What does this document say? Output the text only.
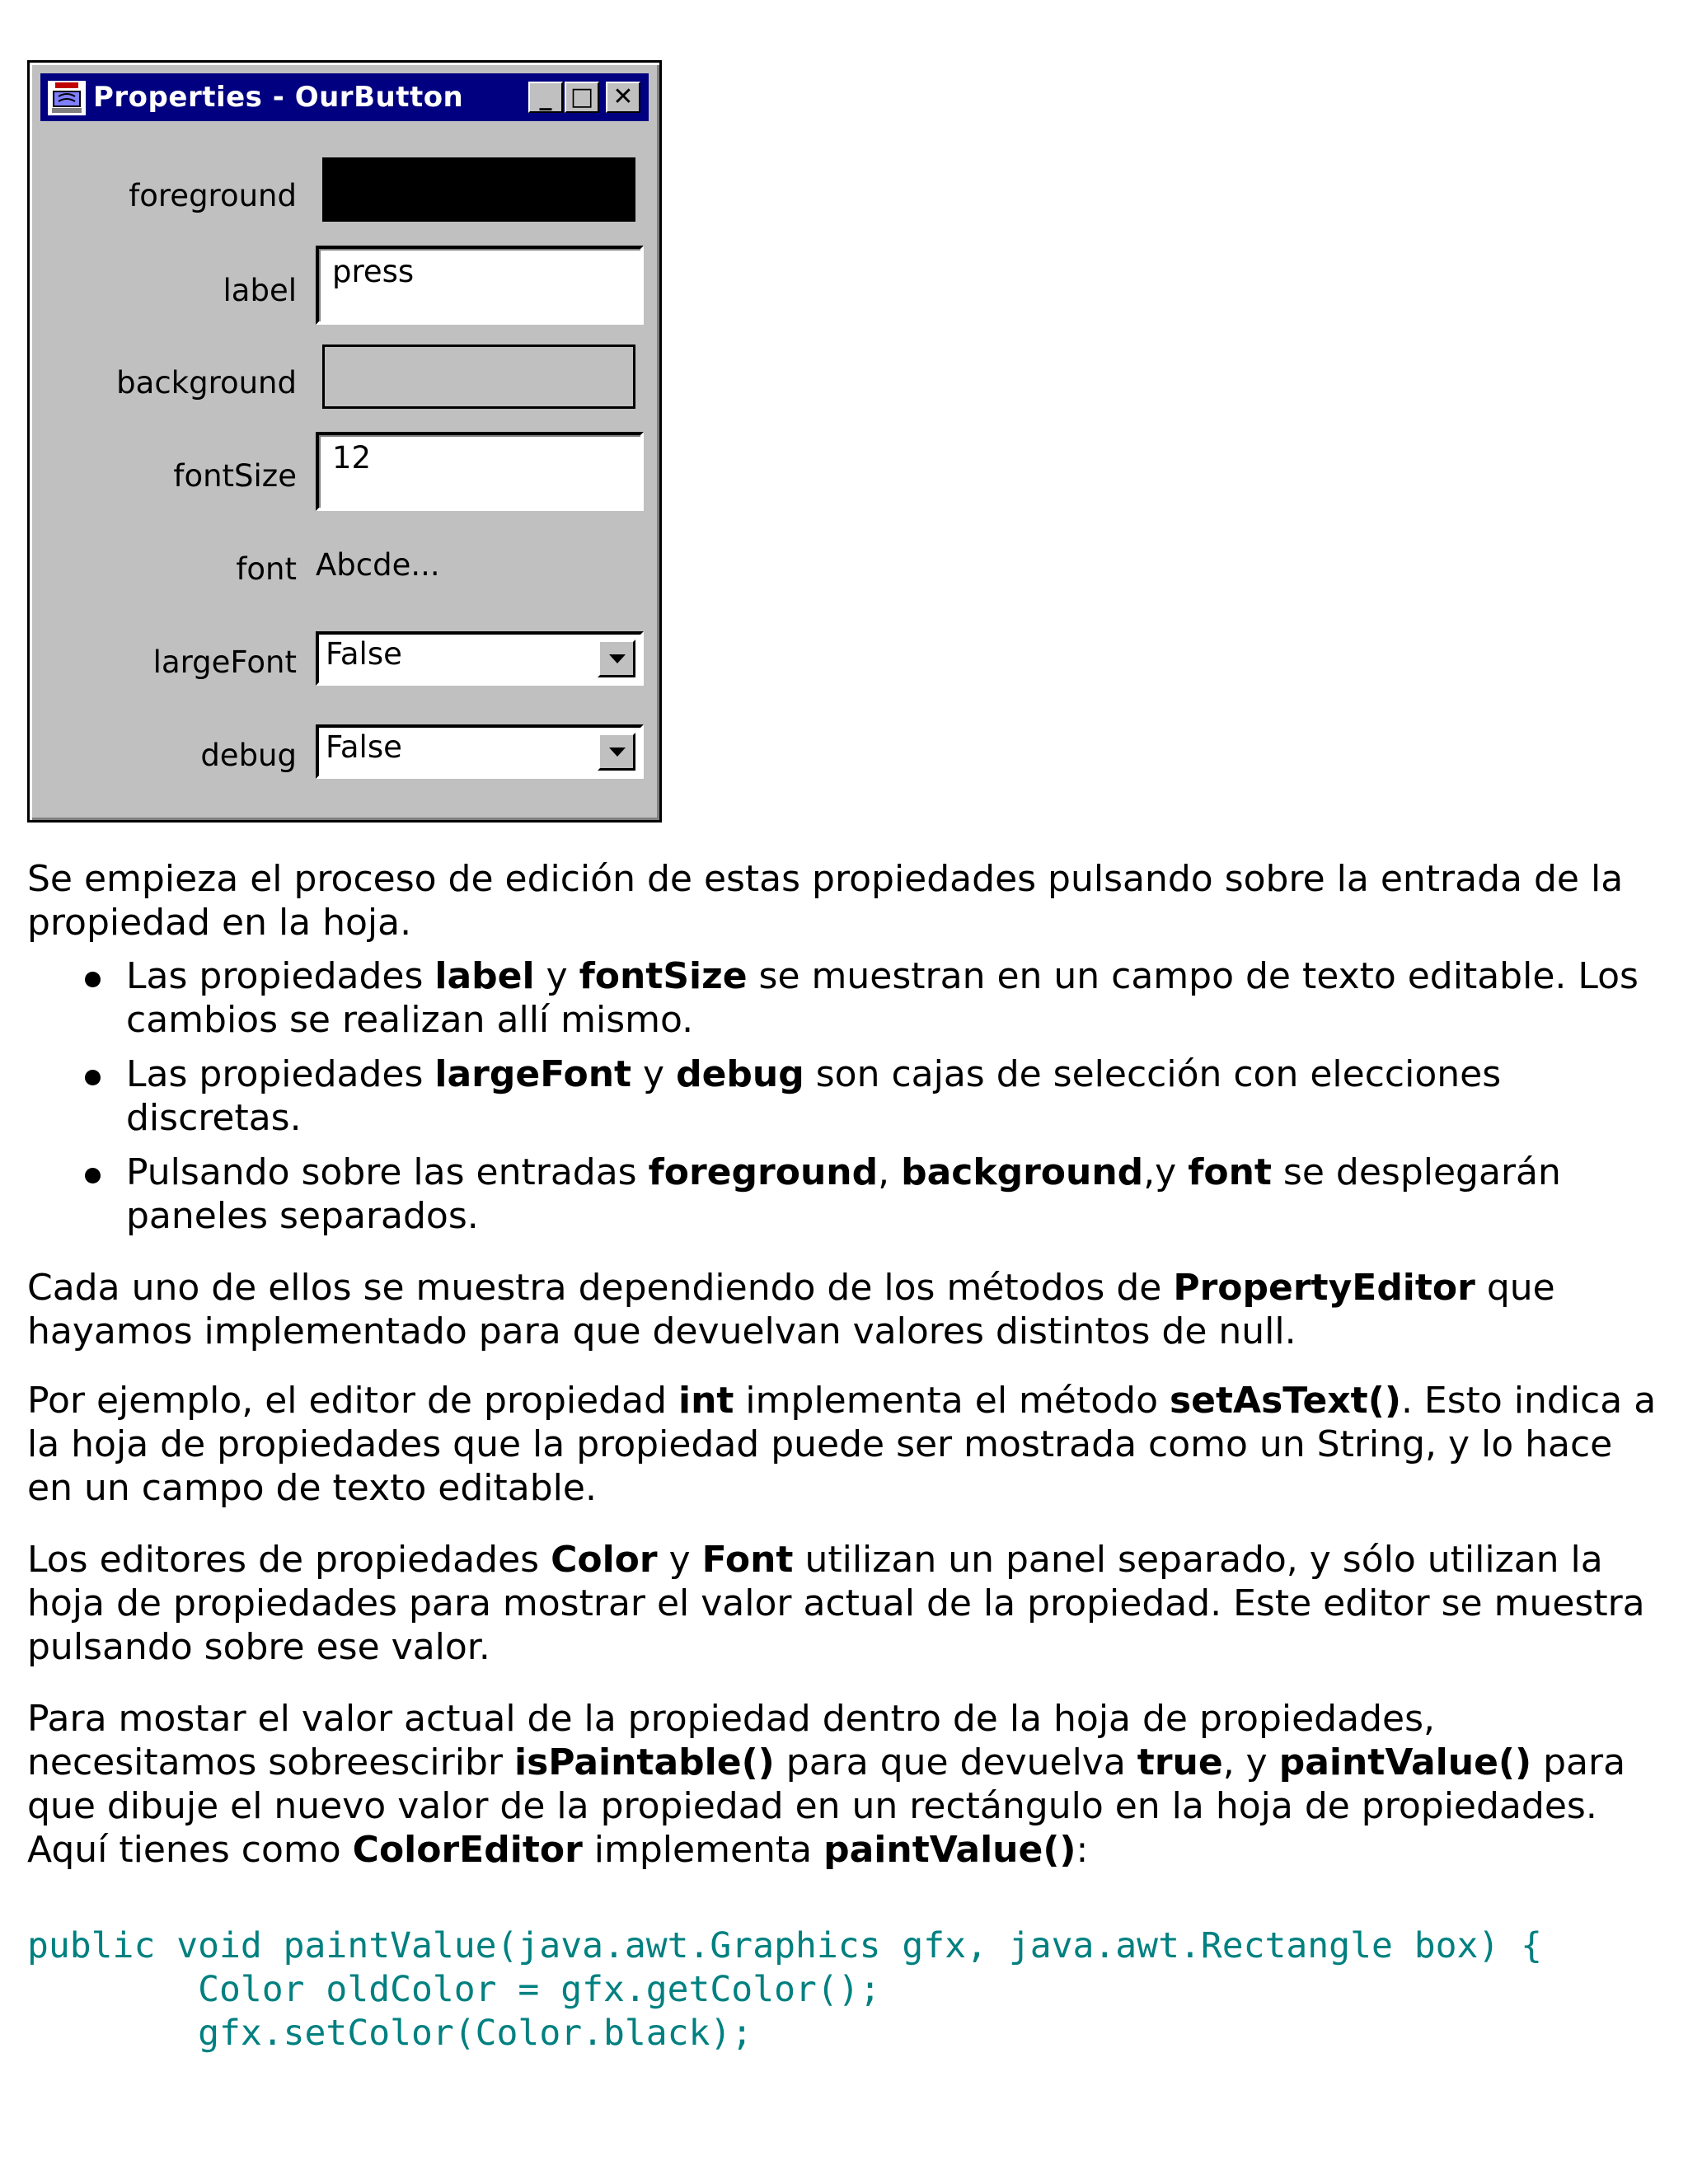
Properties - OurButton	_ □ ✕
foreground
label
press
background
fontSize
12
font Abcde...
largeFont False
debug False

Se empieza el proceso de edición de estas propiedades pulsando sobre la entrada de la propiedad en la hoja.

Las propiedades label y fontSize se muestran en un campo de texto editable. Los cambios se realizan allí mismo.
Las propiedades largeFont y debug son cajas de selección con elecciones discretas.
Pulsando sobre las entradas foreground, background,y font se desplegarán paneles separados.

Cada uno de ellos se muestra dependiendo de los métodos de PropertyEditor que hayamos implementado para que devuelvan valores distintos de null.

Por ejemplo, el editor de propiedad int implementa el método setAsText(). Esto indica a la hoja de propiedades que la propiedad puede ser mostrada como un String, y lo hace en un campo de texto editable.

Los editores de propiedades Color y Font utilizan un panel separado, y sólo utilizan la hoja de propiedades para mostrar el valor actual de la propiedad. Este editor se muestra pulsando sobre ese valor.

Para mostar el valor actual de la propiedad dentro de la hoja de propiedades, necesitamos sobreesciribr isPaintable() para que devuelva true, y paintValue() para que dibuje el nuevo valor de la propiedad en un rectángulo en la hoja de propiedades. Aquí tienes como ColorEditor implementa paintValue():

public void paintValue(java.awt.Graphics gfx, java.awt.Rectangle box) {
Color oldColor = gfx.getColor();
gfx.setColor(Color.black);
